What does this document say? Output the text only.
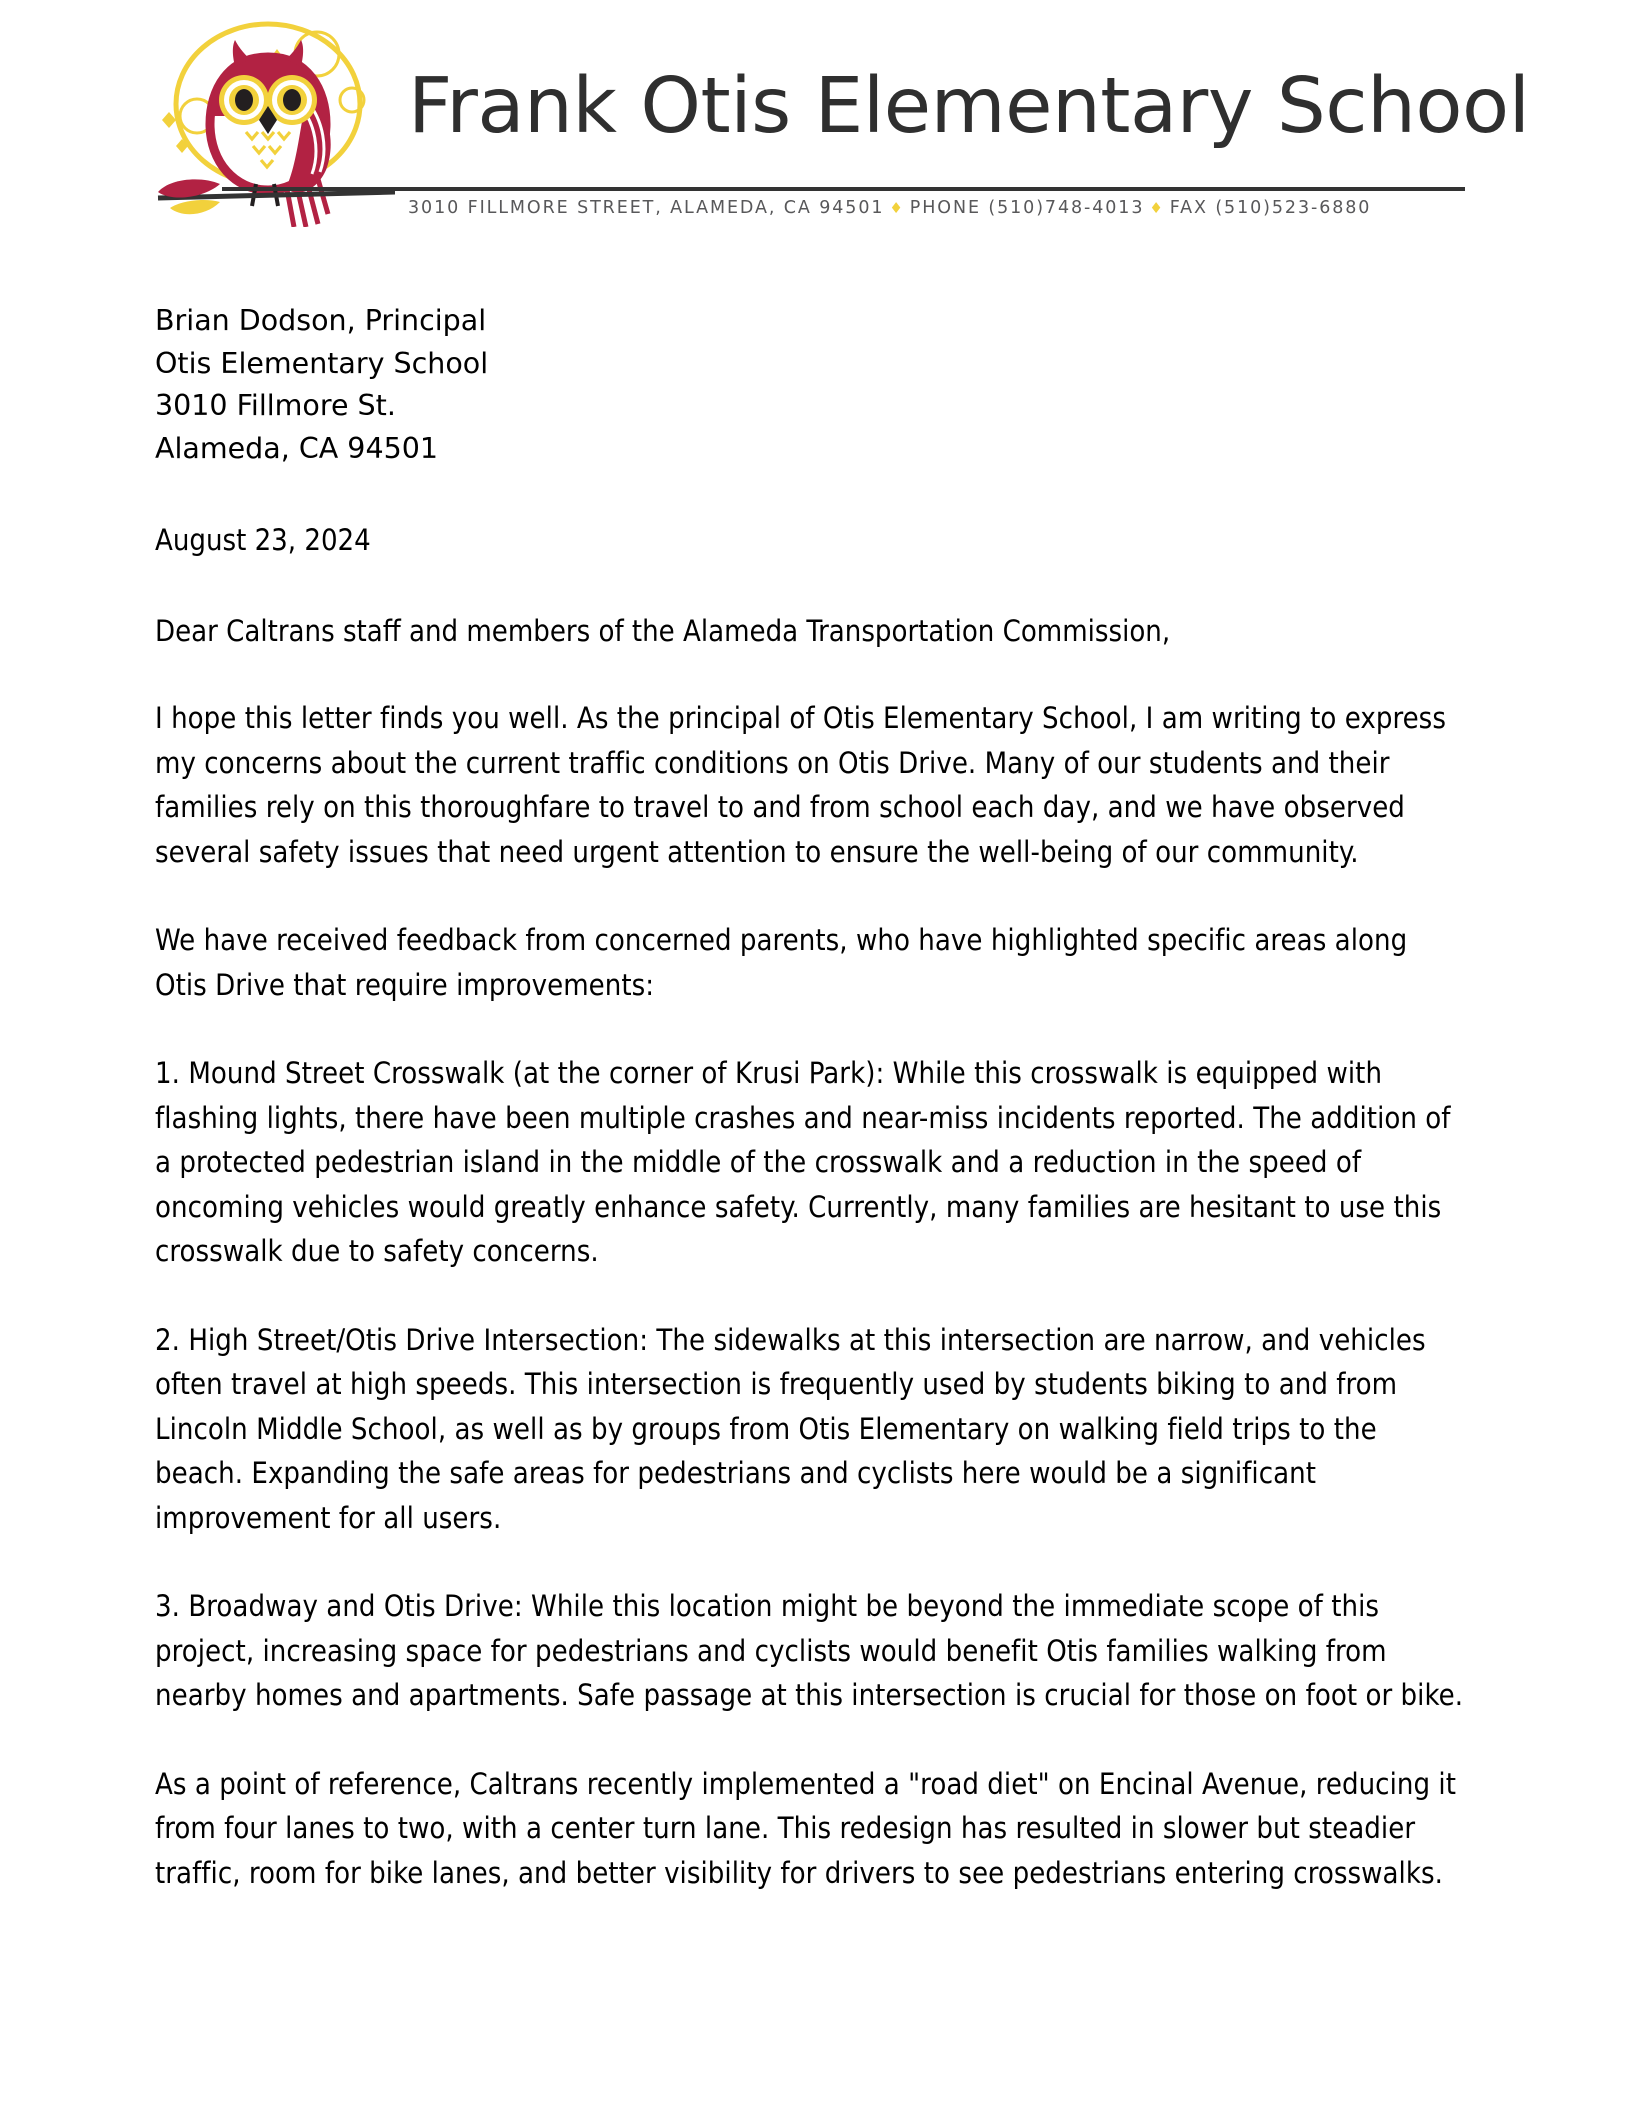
Frank Otis Elementary School
3010 FILLMORE STREET, ALAMEDA, CA 94501 ♦ PHONE (510)748-4013 ♦ FAX (510)523-6880
Brian Dodson, Principal
Otis Elementary School
3010 Fillmore St.
Alameda, CA 94501
August 23, 2024
Dear Caltrans staff and members of the Alameda Transportation Commission,

I hope this letter finds you well. As the principal of Otis Elementary School, I am writing to express my concerns about the current traffic conditions on Otis Drive. Many of our students and their families rely on this thoroughfare to travel to and from school each day, and we have observed several safety issues that need urgent attention to ensure the well-being of our community.

We have received feedback from concerned parents, who have highlighted specific areas along Otis Drive that require improvements:

1. Mound Street Crosswalk (at the corner of Krusi Park): While this crosswalk is equipped with flashing lights, there have been multiple crashes and near-miss incidents reported. The addition of a protected pedestrian island in the middle of the crosswalk and a reduction in the speed of oncoming vehicles would greatly enhance safety. Currently, many families are hesitant to use this crosswalk due to safety concerns.

2. High Street/Otis Drive Intersection: The sidewalks at this intersection are narrow, and vehicles often travel at high speeds. This intersection is frequently used by students biking to and from Lincoln Middle School, as well as by groups from Otis Elementary on walking field trips to the beach. Expanding the safe areas for pedestrians and cyclists here would be a significant improvement for all users.

3. Broadway and Otis Drive: While this location might be beyond the immediate scope of this project, increasing space for pedestrians and cyclists would benefit Otis families walking from nearby homes and apartments. Safe passage at this intersection is crucial for those on foot or bike.

As a point of reference, Caltrans recently implemented a "road diet" on Encinal Avenue, reducing it from four lanes to two, with a center turn lane. This redesign has resulted in slower but steadier traffic, room for bike lanes, and better visibility for drivers to see pedestrians entering crosswalks.
